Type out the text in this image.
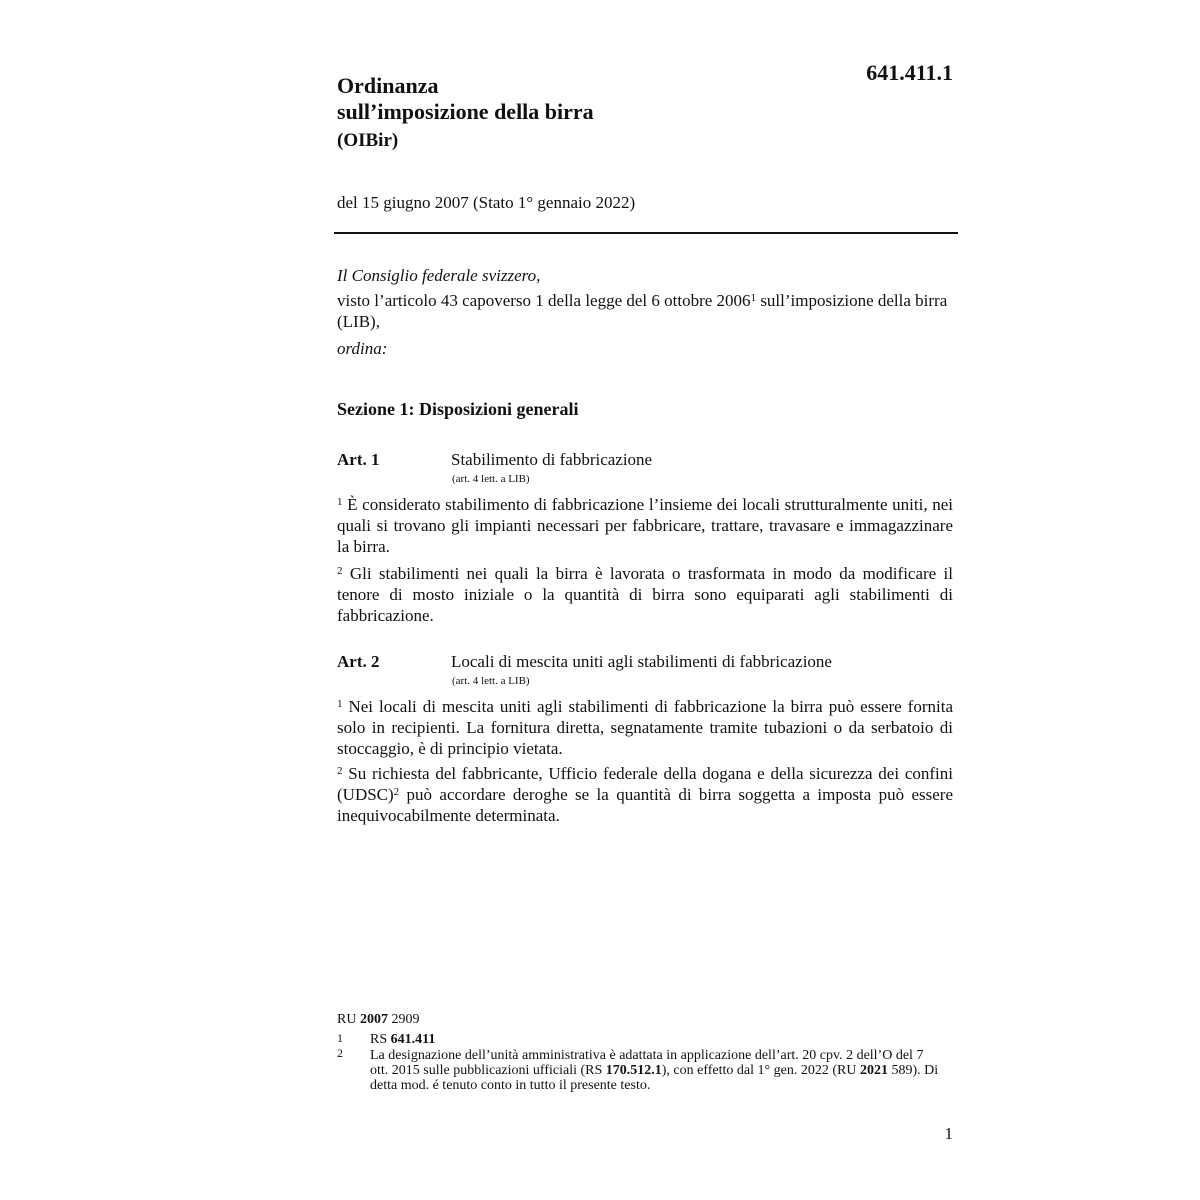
641.411.1
Ordinanza
sull’imposizione della birra
(OIBir)
del 15 giugno 2007 (Stato 1° gennaio 2022)
Il Consiglio federale svizzero,
visto l’articolo 43 capoverso 1 della legge del 6 ottobre 2006$^1$ sull’imposizione della birra (LIB),
ordina:
Sezione 1: Disposizioni generali
Art. 1	Stabilimento di fabbricazione
(art. 4 lett. a LIB)
$^1$ È considerato stabilimento di fabbricazione l’insieme dei locali strutturalmente uniti, nei quali si trovano gli impianti necessari per fabbricare, trattare, travasare e immagazzinare la birra.
$^2$ Gli stabilimenti nei quali la birra è lavorata o trasformata in modo da modificare il tenore di mosto iniziale o la quantità di birra sono equiparati agli stabilimenti di fabbricazione.
Art. 2	Locali di mescita uniti agli stabilimenti di fabbricazione
(art. 4 lett. a LIB)
$^1$ Nei locali di mescita uniti agli stabilimenti di fabbricazione la birra può essere fornita solo in recipienti. La fornitura diretta, segnatamente tramite tubazioni o da serbatoio di stoccaggio, è di principio vietata.
$^2$ Su richiesta del fabbricante, Ufficio federale della dogana e della sicurezza dei confini (UDSC)$^2$ può accordare deroghe se la quantità di birra soggetta a imposta può essere inequivocabilmente determinata.
RU 2007 2909
1 RS 641.411
2 La designazione dell’unità amministrativa è adattata in applicazione dell’art. 20 cpv. 2 dell’O del 7 ott. 2015 sulle pubblicazioni ufficiali (RS 170.512.1), con effetto dal 1° gen. 2022 (RU 2021 589). Di detta mod. é tenuto conto in tutto il presente testo.
1
